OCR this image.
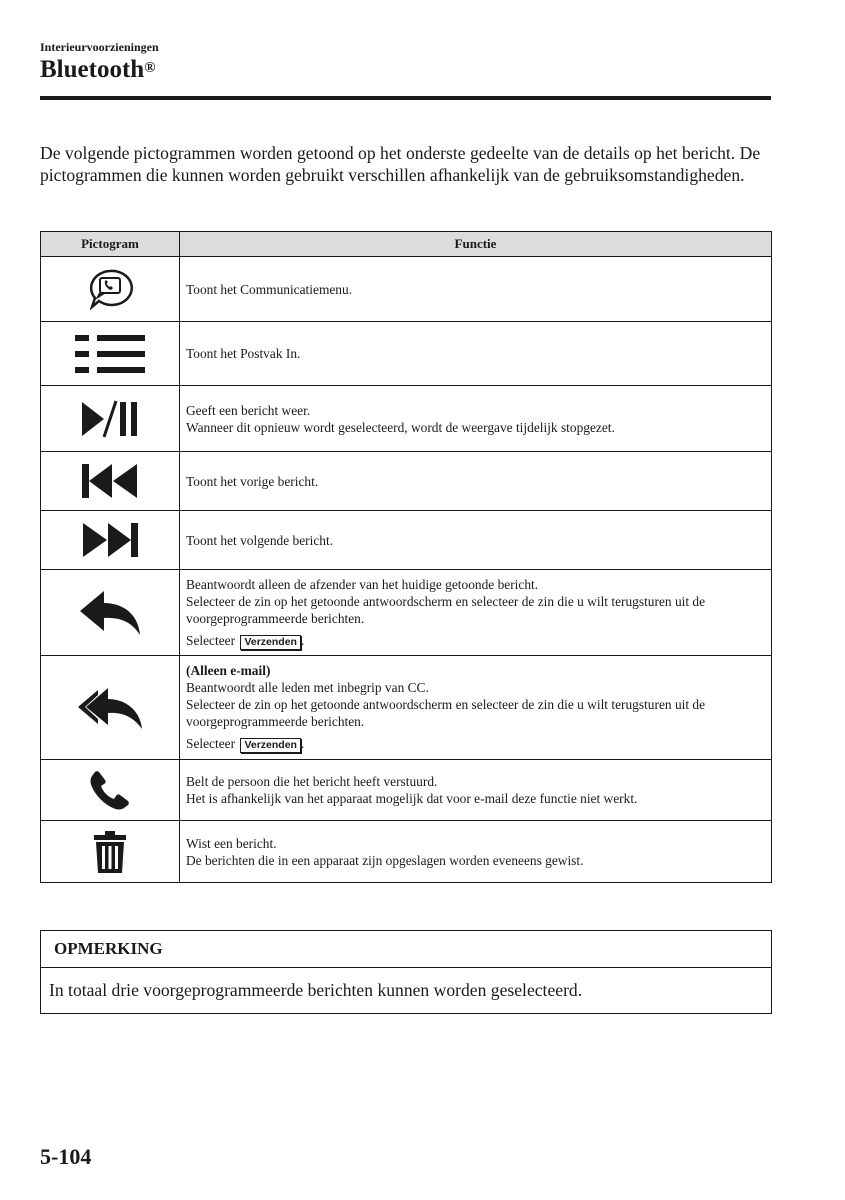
Interieurvoorzieningen
Bluetooth®

De volgende pictogrammen worden getoond op het onderste gedeelte van de details op het bericht. De pictogrammen die kunnen worden gebruikt verschillen afhankelijk van de gebruiksomstandigheden.

Pictogram	Functie

Toont het Communicatiemenu.

Toont het Postvak In.

Geeft een bericht weer.
Wanneer dit opnieuw wordt geselecteerd, wordt de weergave tijdelijk stopgezet.

Toont het vorige bericht.

Toont het volgende bericht.

Beantwoordt alleen de afzender van het huidige getoonde bericht.
Selecteer de zin op het getoonde antwoordscherm en selecteer de zin die u wilt terugsturen uit de voorgeprogrammeerde berichten.
Selecteer Verzenden .

(Alleen e-mail)
Beantwoordt alle leden met inbegrip van CC.
Selecteer de zin op het getoonde antwoordscherm en selecteer de zin die u wilt terugsturen uit de voorgeprogrammeerde berichten.
Selecteer Verzenden .

Belt de persoon die het bericht heeft verstuurd.
Het is afhankelijk van het apparaat mogelijk dat voor e-mail deze functie niet werkt.

Wist een bericht.
De berichten die in een apparaat zijn opgeslagen worden eveneens gewist.
OPMERKING
In totaal drie voorgeprogrammeerde berichten kunnen worden geselecteerd.
5-104
